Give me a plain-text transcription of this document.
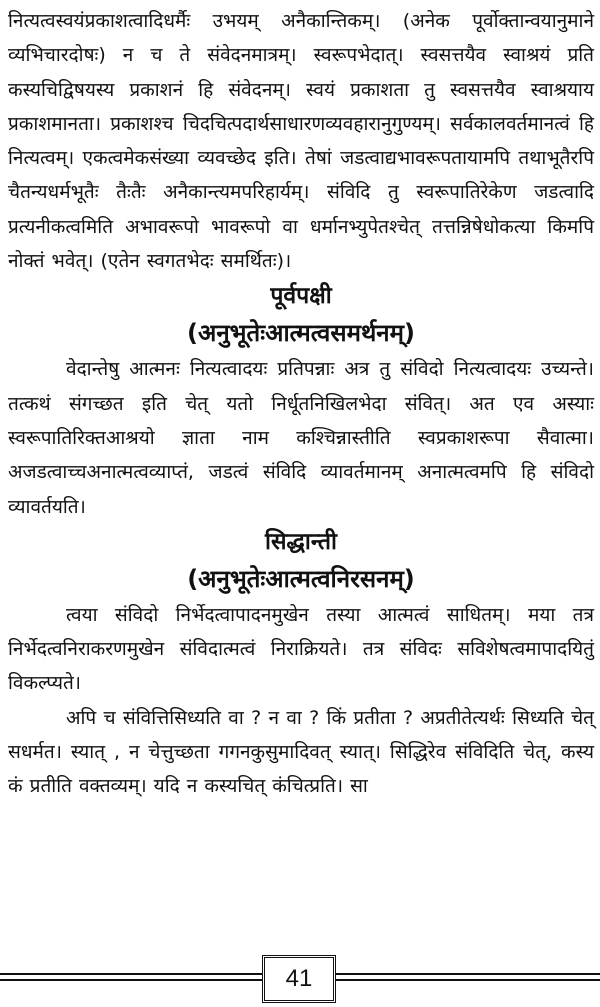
नित्यत्वस्वयंप्रकाशत्वादिधर्मैः उभयम् अनैकान्तिकम्। (अनेक पूर्वोक्तान्वयानुमाने व्यभिचारदोषः) न च ते संवेदनमात्रम्। स्वरूपभेदात्। स्वसत्तयैव स्वाश्रयं प्रति कस्यचिद्विषयस्य प्रकाशनं हि संवेदनम्। स्वयं प्रकाशता तु स्वसत्तयैव स्वाश्रयाय प्रकाशमानता। प्रकाशश्च चिदचित्पदार्थसाधारणव्यवहारानुगुण्यम्। सर्वकालवर्तमानत्वं हि नित्यत्वम्। एकत्वमेकसंख्या व्यवच्छेद इति। तेषां जडत्वाद्यभावरूपतायामपि तथाभूतैरपि चैतन्यधर्मभूतैः तैःतैः अनैकान्त्यमपरिहार्यम्। संविदि तु स्वरूपातिरेकेण जडत्वादि प्रत्यनीकत्वमिति अभावरूपो भावरूपो वा धर्मानभ्युपेतश्चेत् तत्तन्निषेधोकत्या किमपि नोक्तं भवेत्। (एतेन स्वगतभेदः समर्थितः)।

पूर्वपक्षी
(अनुभूतेःआत्मत्वसमर्थनम्)

वेदान्तेषु आत्मनः नित्यत्वादयः प्रतिपन्नाः अत्र तु संविदो नित्यत्वादयः उच्यन्ते। तत्कथं संगच्छत इति चेत् यतो निर्धूतनिखिलभेदा संवित्। अत एव अस्याः स्वरूपातिरिक्तआश्रयो ज्ञाता नाम कश्चिन्नास्तीति स्वप्रकाशरूपा सैवात्मा। अजडत्वाच्चअनात्मत्वव्याप्तं, जडत्वं संविदि व्यावर्तमानम् अनात्मत्वमपि हि संविदो व्यावर्तयति।

सिद्धान्ती
(अनुभूतेःआत्मत्वनिरसनम्)

त्वया संविदो निर्भेदत्वापादनमुखेन तस्या आत्मत्वं साधितम्। मया तत्र निर्भेदत्वनिराकरणमुखेन संविदात्मत्वं निराक्रियते। तत्र संविदः सविशेषत्वमापादयितुं विकल्प्यते।

अपि च संवित्तिसिध्यति वा ? न वा ? किं प्रतीता ? अप्रतीतेत्यर्थः सिध्यति चेत् सधर्मत। स्यात् , न चेत्तुच्छता गगनकुसुमादिवत् स्यात्। सिद्धिरेव संविदिति चेत्, कस्य कं प्रतीति वक्तव्यम्। यदि न कस्यचित् कंचित्प्रति। सा

41
